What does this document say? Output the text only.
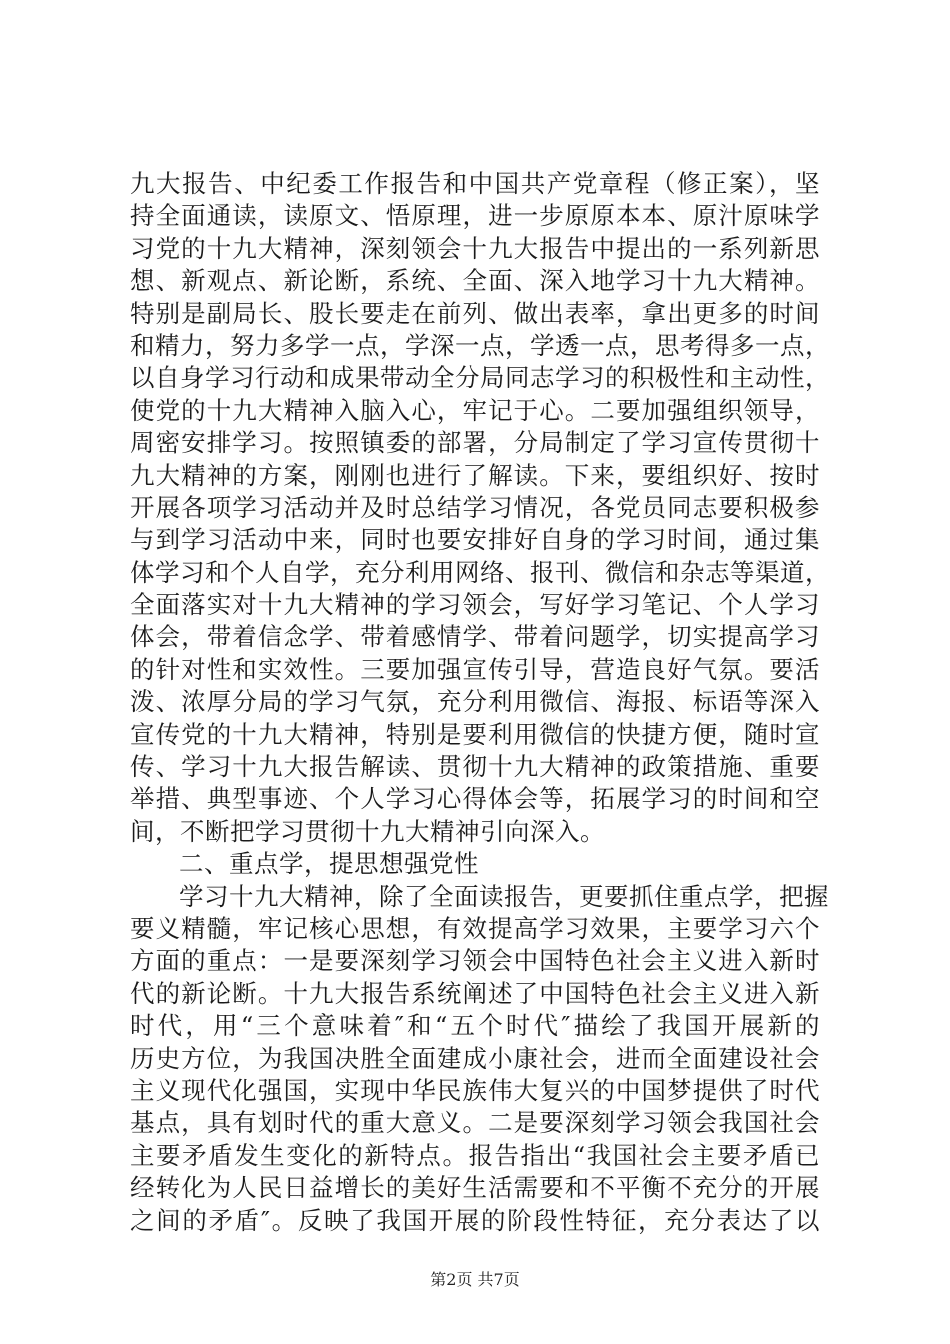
九大报告、中纪委工作报告和中国共产党章程（修正案），坚
持全面通读，读原文、悟原理，进一步原原本本、原汁原味学
习党的十九大精神，深刻领会十九大报告中提出的一系列新思
想、新观点、新论断，系统、全面、深入地学习十九大精神。
特别是副局长、股长要走在前列、做出表率，拿出更多的时间
和精力，努力多学一点，学深一点，学透一点，思考得多一点，
以自身学习行动和成果带动全分局同志学习的积极性和主动性，
使党的十九大精神入脑入心，牢记于心。二要加强组织领导，
周密安排学习。按照镇委的部署，分局制定了学习宣传贯彻十
九大精神的方案，刚刚也进行了解读。下来，要组织好、按时
开展各项学习活动并及时总结学习情况，各党员同志要积极参
与到学习活动中来，同时也要安排好自身的学习时间，通过集
体学习和个人自学，充分利用网络、报刊、微信和杂志等渠道，
全面落实对十九大精神的学习领会，写好学习笔记、个人学习
体会，带着信念学、带着感情学、带着问题学，切实提高学习
的针对性和实效性。三要加强宣传引导，营造良好气氛。要活
泼、浓厚分局的学习气氛，充分利用微信、海报、标语等深入
宣传党的十九大精神，特别是要利用微信的快捷方便，随时宣
传、学习十九大报告解读、贯彻十九大精神的政策措施、重要
举措、典型事迹、个人学习心得体会等，拓展学习的时间和空
间，不断把学习贯彻十九大精神引向深入。
二、重点学，提思想强党性
学习十九大精神，除了全面读报告，更要抓住重点学，把握
要义精髓，牢记核心思想，有效提高学习效果，主要学习六个
方面的重点：一是要深刻学习领会中国特色社会主义进入新时
代的新论断。十九大报告系统阐述了中国特色社会主义进入新
时代，用“三个意味着″和“五个时代″描绘了我国开展新的
历史方位，为我国决胜全面建成小康社会，进而全面建设社会
主义现代化强国，实现中华民族伟大复兴的中国梦提供了时代
基点，具有划时代的重大意义。二是要深刻学习领会我国社会
主要矛盾发生变化的新特点。报告指出“我国社会主要矛盾已
经转化为人民日益增长的美好生活需要和不平衡不充分的开展
之间的矛盾″。反映了我国开展的阶段性特征，充分表达了以
第2页 共7页
